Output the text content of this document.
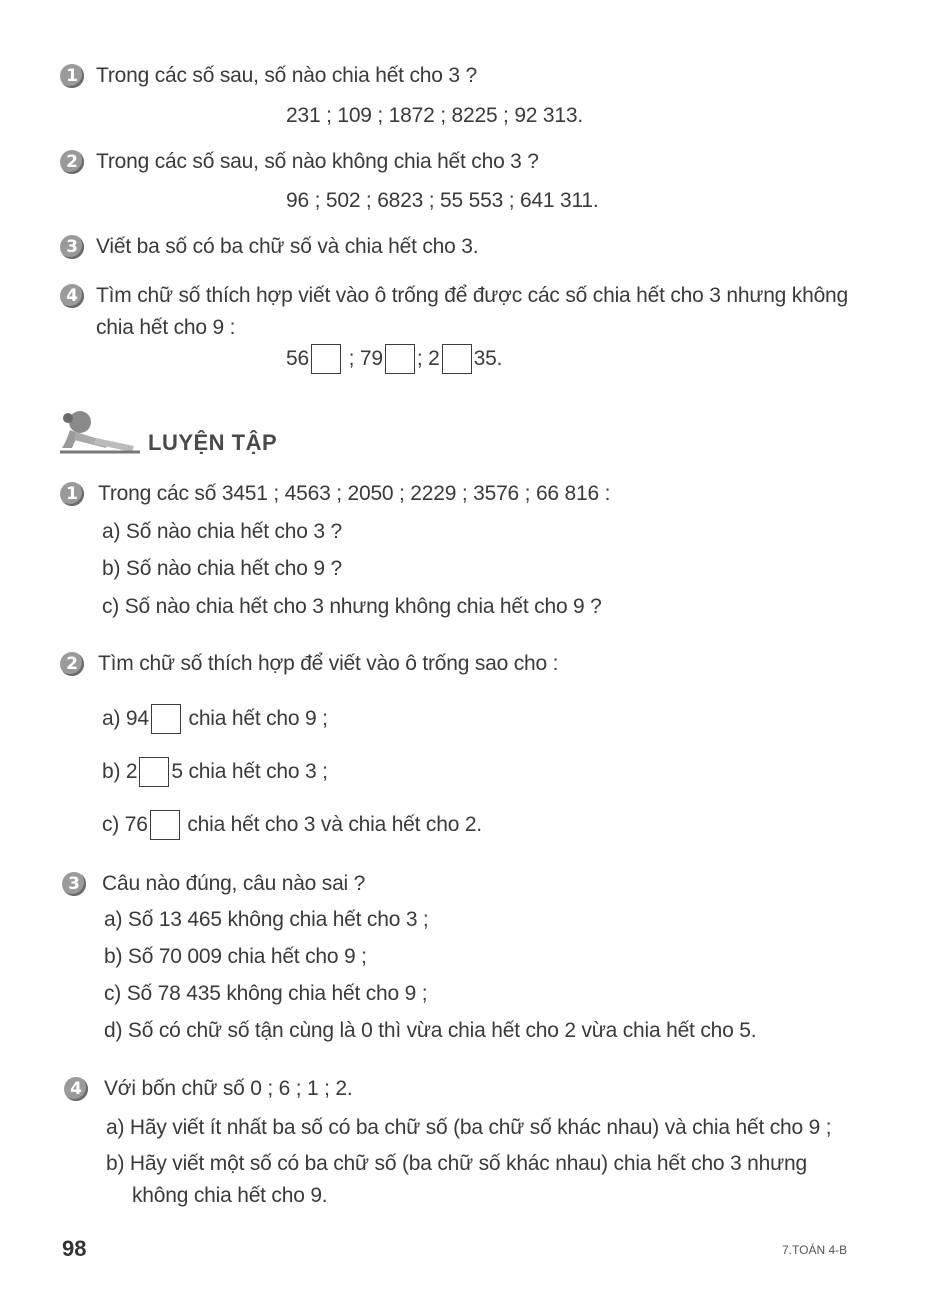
1 Trong các số sau, số nào chia hết cho 3 ?
231 ; 109 ; 1872 ; 8225 ; 92 313.
2 Trong các số sau, số nào không chia hết cho 3 ?
96 ; 502 ; 6823 ; 55 553 ; 641 311.
3 Viết ba số có ba chữ số và chia hết cho 3.
4 Tìm chữ số thích hợp viết vào ô trống để được các số chia hết cho 3 nhưng không
chia hết cho 9 :
56 ; 79 ; 2 35.
LUYỆN TẬP
1 Trong các số 3451 ; 4563 ; 2050 ; 2229 ; 3576 ; 66 816 :
a) Số nào chia hết cho 3 ?
b) Số nào chia hết cho 9 ?
c) Số nào chia hết cho 3 nhưng không chia hết cho 9 ?
2 Tìm chữ số thích hợp để viết vào ô trống sao cho :
a) 94 chia hết cho 9 ;
b) 2 5 chia hết cho 3 ;
c) 76 chia hết cho 3 và chia hết cho 2.
3 Câu nào đúng, câu nào sai ?
a) Số 13 465 không chia hết cho 3 ;
b) Số 70 009 chia hết cho 9 ;
c) Số 78 435 không chia hết cho 9 ;
d) Số có chữ số tận cùng là 0 thì vừa chia hết cho 2 vừa chia hết cho 5.
4 Với bốn chữ số 0 ; 6 ; 1 ; 2.
a) Hãy viết ít nhất ba số có ba chữ số (ba chữ số khác nhau) và chia hết cho 9 ;
b) Hãy viết một số có ba chữ số (ba chữ số khác nhau) chia hết cho 3 nhưng
không chia hết cho 9.
98	7.TOÁN 4-B
